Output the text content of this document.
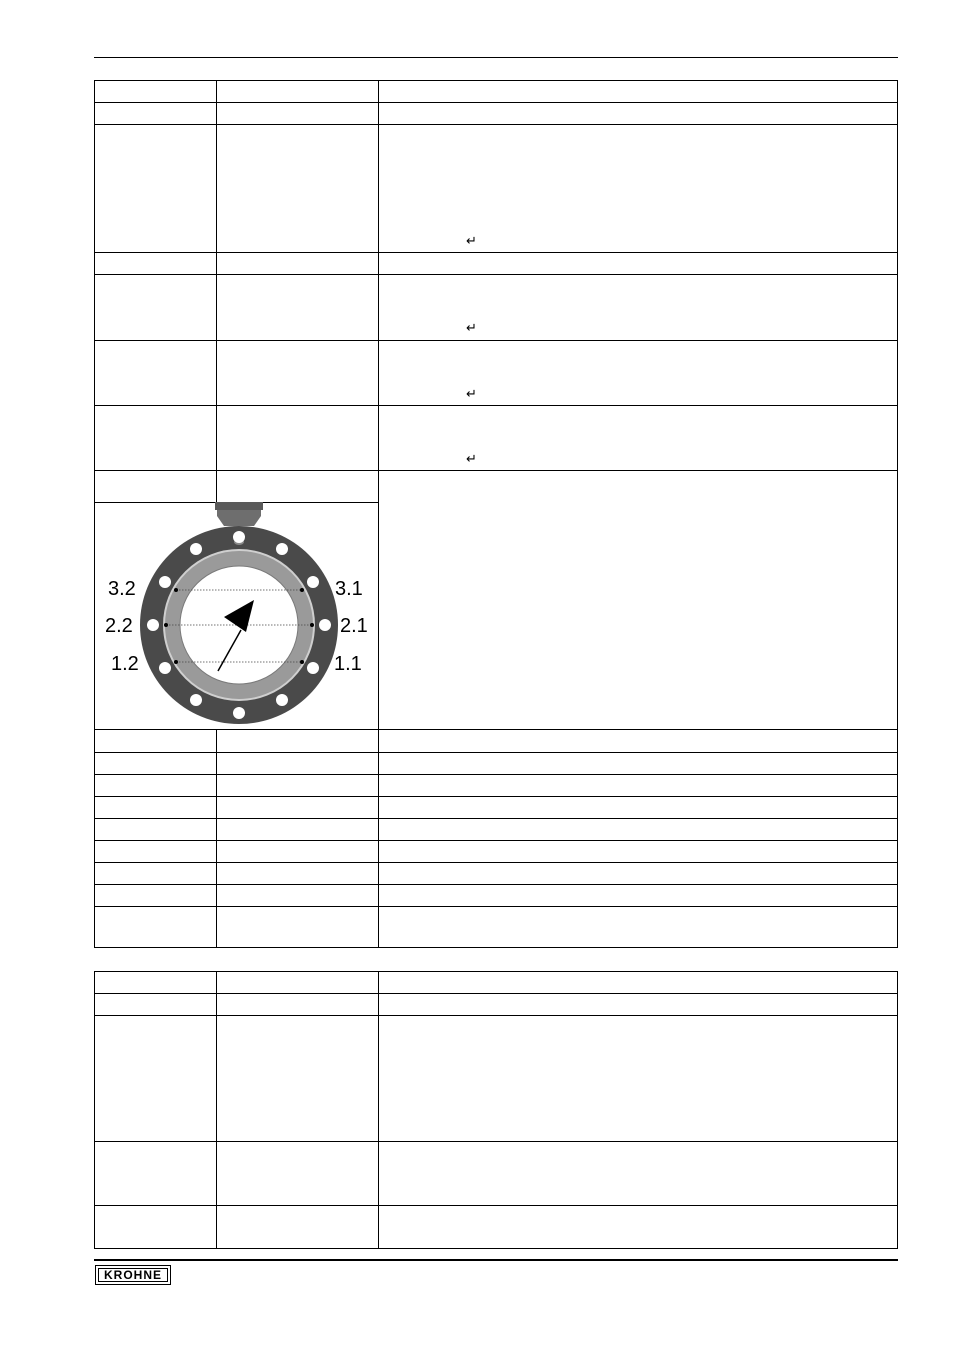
↵
↵
↵
↵
3.2
2.2
1.2
3.1
2.1
1.1
KROHNE
